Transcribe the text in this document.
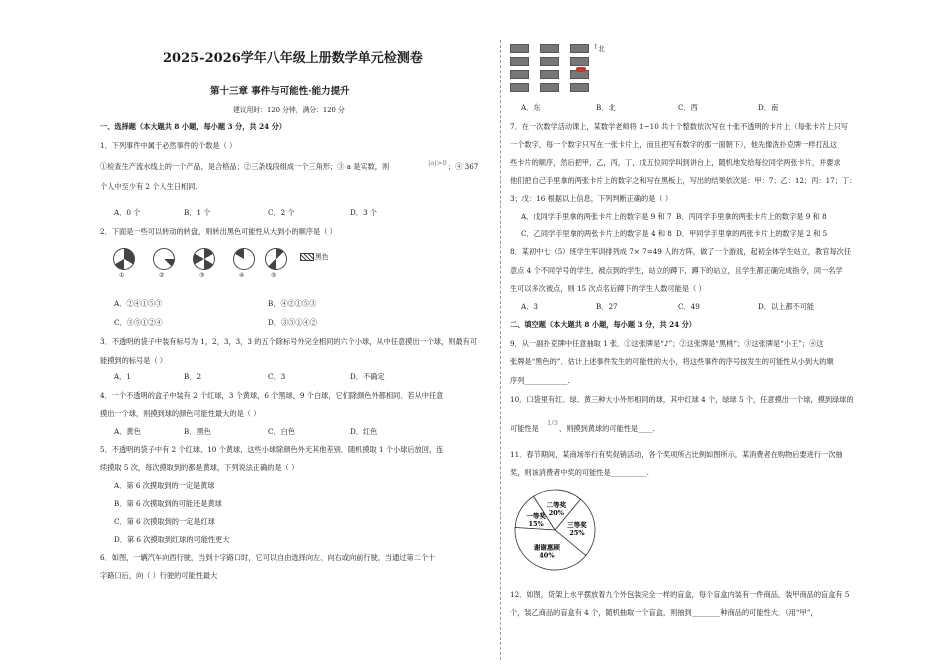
2025-2026学年八年级上册数学单元检测卷
第十三章 事件与可能性·能力提升
建议用时：120 分钟，满分：120 分
一、选择题（本大题共 8 小题，每小题 3 分，共 24 分）
1．下列事件中属于必然事件的个数是（ ）
①检查生产流水线上的一个产品，是合格品；②三条线段组成一个三角形；③ a 是实数，则	|a|>0 ；④ 367
个人中至少有 2 个人生日相同.
A．0 个	B．1 个	C．2 个	D．3 个
2．下面是一些可以转动的转盘，则转出黑色可能性从大到小的顺序是（ ）
①	②	③	④	⑤
黑色
A．②④①⑤③	B．④②①⑤③
C．③⑤①②④	D．③⑤①④②
3．不透明的袋子中装有标号为 1，2，3，3，3 的五个除标号外完全相同的六个小球，从中任意摸出一个球，则最有可
能摸到的标号是（ ）
A．1	B．2	C．3	D．不确定
4．一个不透明的盒子中装有 2 个红球，3 个黄球，6 个黑球，9 个白球，它们除颜色外都相同．若从中任意
摸出一个球，则摸到球的颜色可能性最大的是（ ）
A．黄色	B．黑色	C．白色	D．红色
5．不透明的袋子中有 2 个红球、10 个黄球，这些小球除颜色外无其他差别．随机摸取 1 个小球后放回，连
续摸取 5 次，每次摸取到的都是黄球，下列说法正确的是（ ）
A．第 6 次摸取到的一定是黄球
B．第 6 次摸取到的可能还是黄球
C．第 6 次摸取到的一定是红球
D．第 6 次摸取到红球的可能性更大
6．如图，一辆汽车向西行驶，当到十字路口时，它可以自由选择向左、向右或向前行驶，当通过第二个十
字路口后，向（ ）行驶的可能性最大
↑ 北
A．东	B．北	C．西	D．南
7．在一次数学活动课上，某数学老师将 1~10 共十个整数依次写在十张不透明的卡片上（每张卡片上只写
一个数字，每一个数字只写在一张卡片上，而且把写有数字的那一面朝下），他先像洗扑克牌一样打乱这
些卡片的顺序，然后把甲，乙，丙，丁，戊五位同学叫到讲台上，随机地发给每位同学两张卡片，并要求
他们把自己手里拿的两张卡片上的数字之和写在黑板上，写出的结果依次是：甲：7；乙：12；丙：17；丁：
3；戊：16 根据以上信息，下列判断正确的是（ ）
A．戊同学手里拿的两张卡片上的数字是 9 和 7 B．丙同学手里拿的两张卡片上的数字是 9 和 8
C．乙同学手里拿的两张卡片上的数字是 4 和 8 D．甲同学手里拿的两张卡片上的数字是 2 和 5
8．某初中七（5）班学生军训排列成 7× 7=49 人的方阵，做了一个游戏，起初全体学生站立，教官每次任
意点 4 个不同学号的学生，被点到的学生，站立的蹲下，蹲下的站立，且学生都正确完成指令，同一名学
生可以多次被点，则 15 次点名后蹲下的学生人数可能是（ ）
A．3	B．27	C．49	D．以上都不可能
二、填空题（本大题共 8 小题，每小题 3 分，共 24 分）
9．从一副扑克牌中任意抽取 1 张．①这张牌是“♪”；②这张牌是“黑桃”；③这张牌是“小王”；④这
张牌是“黑色的”．估计上述事件发生的可能性的大小，将这些事件的序号按发生的可能性从小到大的顺
序列____________.
10．口袋里有红、绿、黄三种大小外形相同的球，其中红球 4 个，绿球 5 个，任意摸出一个球，摸到绿球的
可能性是
1/3
，则摸到黄球的可能性是____.
11．春节期间，某商场举行有奖促销活动，各个奖项所占比例如图所示，某消费者在购物后要进行一次抽
奖，则该消费者中奖的可能性是__________.
一等奖
15%
二等奖
20%
三等奖
25%
谢谢惠顾
40%
12．如图，货架上水平摆放着九个外包装完全一样的盲盒，每个盲盒内装有一件商品，装甲商品的盲盒有 5
个，装乙商品的盲盒有 4 个，随机抽取一个盲盒，则抽到________种商品的可能性大．（用“甲”，
